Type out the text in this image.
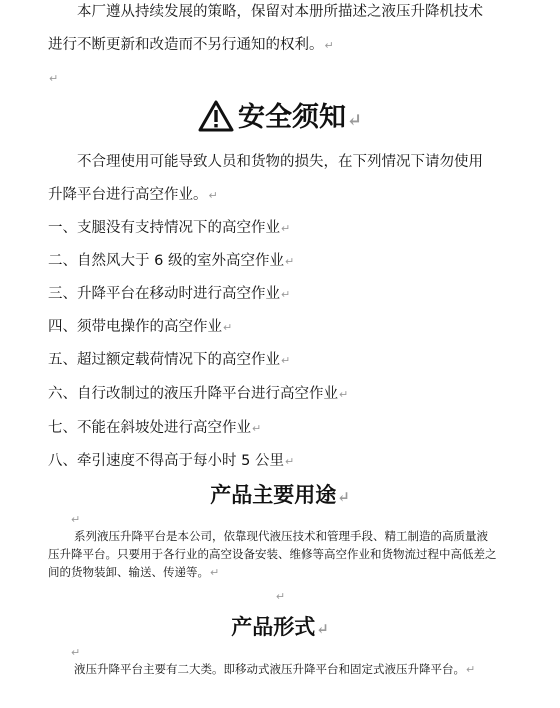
本厂遵从持续发展的策略，保留对本册所描述之液压升降机技术
进行不断更新和改造而不另行通知的权利。↵
↵
安全须知↵
不合理使用可能导致人员和货物的损失，在下列情况下请勿使用
升降平台进行高空作业。↵
一、支腿没有支持情况下的高空作业↵
二、自然风大于 6 级的室外高空作业↵
三、升降平台在移动时进行高空作业↵
四、须带电操作的高空作业↵
五、超过额定载荷情况下的高空作业↵
六、自行改制过的液压升降平台进行高空作业↵
七、不能在斜坡处进行高空作业↵
八、牵引速度不得高于每小时 5 公里↵
产品主要用途↵
↵
系列液压升降平台是本公司，依靠现代液压技术和管理手段、精工制造的高质量液压升降平台。只要用于各行业的高空设备安装、维修等高空作业和货物流过程中高低差之间的货物装卸、输送、传递等。↵
↵
产品形式↵
↵
液压升降平台主要有二大类。即移动式液压升降平台和固定式液压升降平台。↵
